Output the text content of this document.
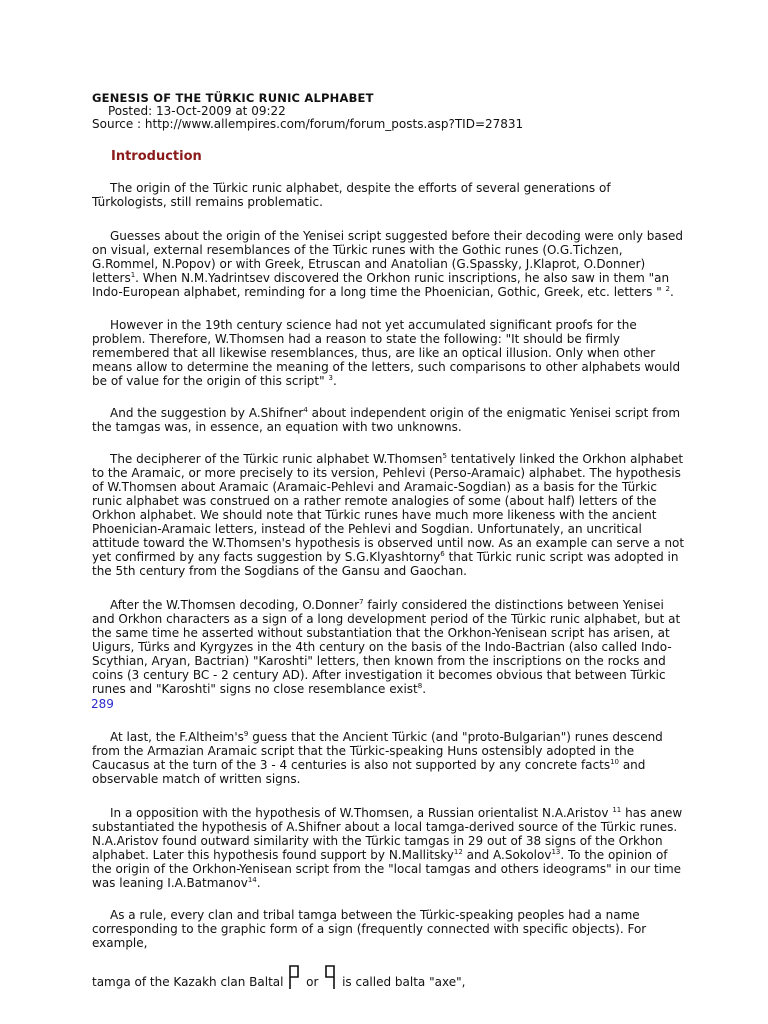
GENESIS OF THE TÜRKIC RUNIC ALPHABET
Posted: 13-Oct-2009 at 09:22
Source : http://www.allempires.com/forum/forum_posts.asp?TID=27831
Introduction

The origin of the Türkic runic alphabet, despite the efforts of several generations of Türkologists, still remains problematic.

Guesses about the origin of the Yenisei script suggested before their decoding were only based on visual, external resemblances of the Türkic runes with the Gothic runes (O.G.Tichzen, G.Rommel, N.Popov) or with Greek, Etruscan and Anatolian (G.Spassky, J.Klaprot, O.Donner) letters$^1$. When N.M.Yadrintsev discovered the Orkhon runic inscriptions, he also saw in them "an Indo-European alphabet, reminding for a long time the Phoenician, Gothic, Greek, etc. letters " $^2$.

However in the 19th century science had not yet accumulated significant proofs for the problem. Therefore, W.Thomsen had a reason to state the following: "It should be firmly remembered that all likewise resemblances, thus, are like an optical illusion. Only when other means allow to determine the meaning of the letters, such comparisons to other alphabets would be of value for the origin of this script" $^3$.

And the suggestion by A.Shifner$^4$ about independent origin of the enigmatic Yenisei script from the tamgas was, in essence, an equation with two unknowns.

The decipherer of the Türkic runic alphabet W.Thomsen$^5$ tentatively linked the Orkhon alphabet to the Aramaic, or more precisely to its version, Pehlevi (Perso-Aramaic) alphabet. The hypothesis of W.Thomsen about Aramaic (Aramaic-Pehlevi and Aramaic-Sogdian) as a basis for the Türkic runic alphabet was construed on a rather remote analogies of some (about half) letters of the Orkhon alphabet. We should note that Türkic runes have much more likeness with the ancient Phoenician-Aramaic letters, instead of the Pehlevi and Sogdian. Unfortunately, an uncritical attitude toward the W.Thomsen's hypothesis is observed until now. As an example can serve a not yet confirmed by any facts suggestion by S.G.Klyashtorny$^6$ that Türkic runic script was adopted in the 5th century from the Sogdians of the Gansu and Gaochan.

After the W.Thomsen decoding, O.Donner$^7$ fairly considered the distinctions between Yenisei and Orkhon characters as a sign of a long development period of the Türkic runic alphabet, but at the same time he asserted without substantiation that the Orkhon-Yenisean script has arisen, at Uigurs, Türks and Kyrgyzes in the 4th century on the basis of the Indo-Bactrian (also called Indo-Scythian, Aryan, Bactrian) "Karoshti" letters, then known from the inscriptions on the rocks and coins (3 century BC - 2 century AD). After investigation it becomes obvious that between Türkic runes and "Karoshti" signs no close resemblance exist$^8$.

289

At last, the $F.Altheim's^9$ guess that the Ancient Türkic (and "proto-Bulgarian") runes descend from the Armazian Aramaic script that the Türkic-speaking Huns ostensibly adopted in the Caucasus at the turn of the 3 - 4 centuries is also not supported by any concrete facts$^{10}$ and observable match of written signs.

In a opposition with the hypothesis of W.Thomsen, a Russian orientalist N.A.Aristov $^{11}$ has anew substantiated the hypothesis of A.Shifner about a local tamga-derived source of the Türkic runes. N.A.Aristov found outward similarity with the Türkic tamgas in 29 out of 38 signs of the Orkhon alphabet. Later this hypothesis found support by N.Mallitsky$^{12}$ and A.Sokolov$^{13}$. To the opinion of the origin of the Orkhon-Yenisean script from the "local tamgas and others ideograms" in our time was leaning I.A.Batmanov$^{14}$.

As a rule, every clan and tribal tamga between the Türkic-speaking peoples had a name corresponding to the graphic form of a sign (frequently connected with specific objects). For example,

tamga of the Kazakh clan Baltal or is called balta "axe",
